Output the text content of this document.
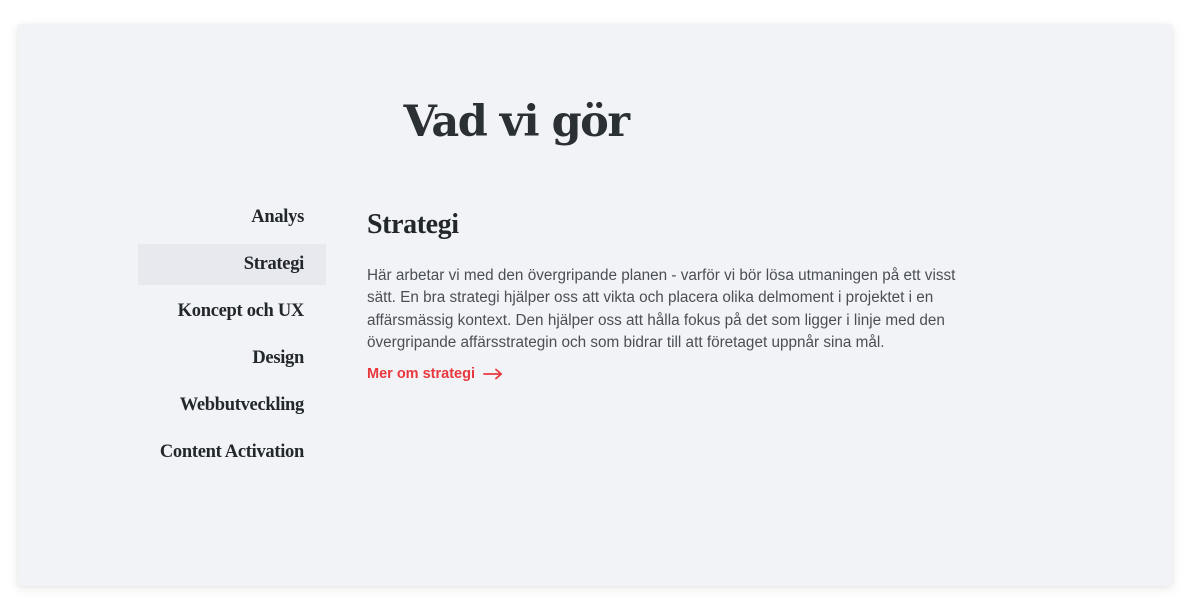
Vad vi gör
Analys
Strategi
Koncept och UX
Design
Webbutveckling
Content Activation
Strategi

Här arbetar vi med den övergripande planen - varför vi bör lösa utmaningen på ett visst sätt. En bra strategi hjälper oss att vikta och placera olika delmoment i projektet i en affärsmässig kontext. Den hjälper oss att hålla fokus på det som ligger i linje med den övergripande affärsstrategin och som bidrar till att företaget uppnår sina mål.

Mer om strategi
